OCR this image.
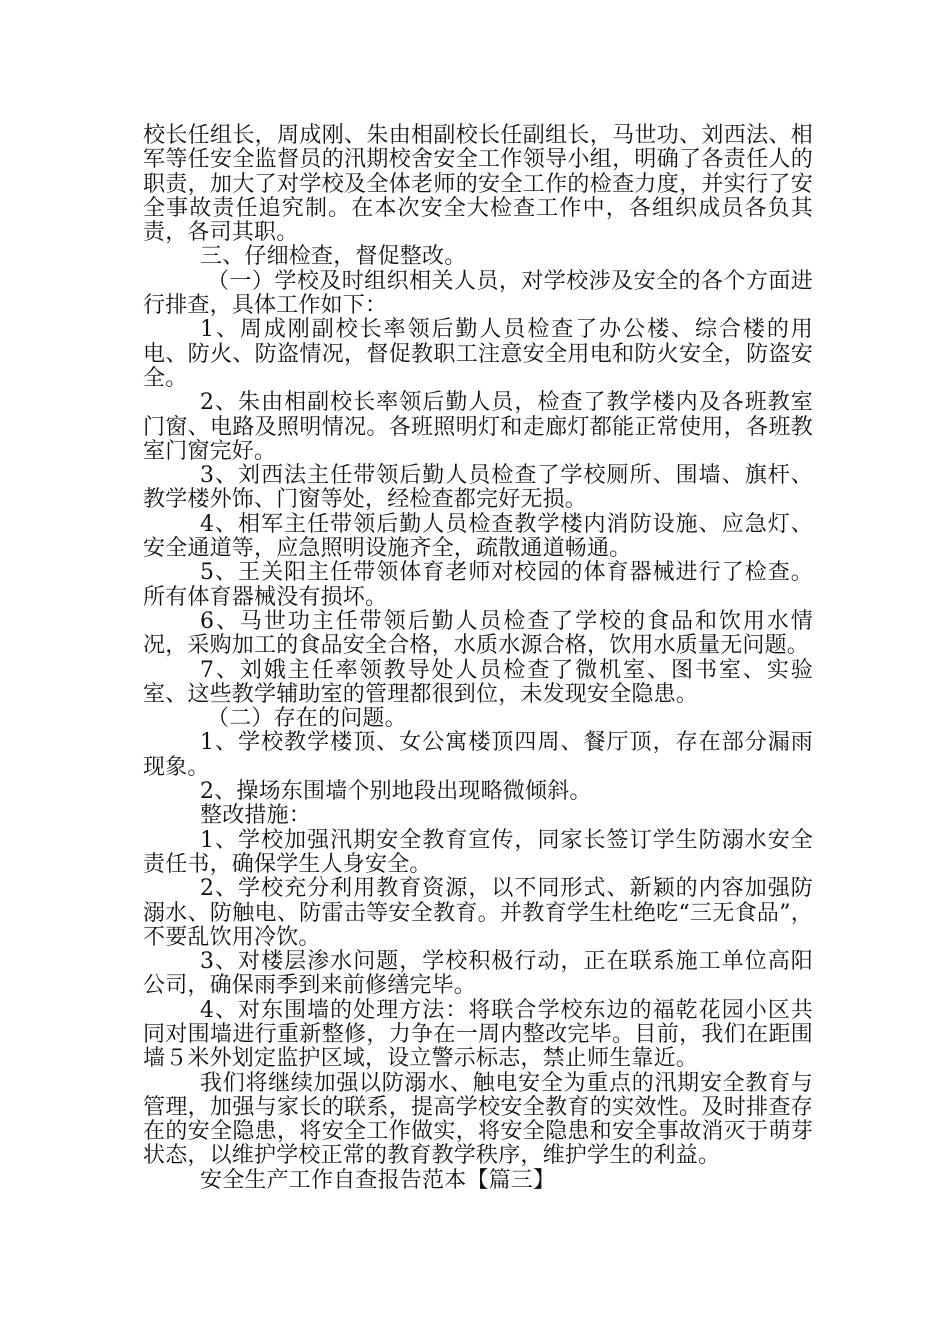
校长任组长，周成刚、朱由相副校长任副组长，马世功、刘西法、相军等任安全监督员的汛期校舍安全工作领导小组，明确了各责任人的职责，加大了对学校及全体老师的安全工作的检查力度，并实行了安全事故责任追究制。在本次安全大检查工作中，各组织成员各负其责，各司其职。

三、仔细检查，督促整改。

（一）学校及时组织相关人员，对学校涉及安全的各个方面进行排查，具体工作如下：

1、周成刚副校长率领后勤人员检查了办公楼、综合楼的用电、防火、防盗情况，督促教职工注意安全用电和防火安全，防盗安全。

2、朱由相副校长率领后勤人员，检查了教学楼内及各班教室门窗、电路及照明情况。各班照明灯和走廊灯都能正常使用，各班教室门窗完好。

3、刘西法主任带领后勤人员检查了学校厕所、围墙、旗杆、教学楼外饰、门窗等处，经检查都完好无损。

4、相军主任带领后勤人员检查教学楼内消防设施、应急灯、安全通道等，应急照明设施齐全，疏散通道畅通。

5、王关阳主任带领体育老师对校园的体育器械进行了检查。所有体育器械没有损坏。

6、马世功主任带领后勤人员检查了学校的食品和饮用水情况，采购加工的食品安全合格，水质水源合格，饮用水质量无问题。

7、刘娥主任率领教导处人员检查了微机室、图书室、实验室、这些教学辅助室的管理都很到位，未发现安全隐患。

（二）存在的问题。

1、学校教学楼顶、女公寓楼顶四周、餐厅顶，存在部分漏雨现象。

2、操场东围墙个别地段出现略微倾斜。

整改措施：

1、学校加强汛期安全教育宣传，同家长签订学生防溺水安全责任书，确保学生人身安全。

2、学校充分利用教育资源，以不同形式、新颖的内容加强防溺水、防触电、防雷击等安全教育。并教育学生杜绝吃“三无食品”，不要乱饮用冷饮。

3、对楼层渗水问题，学校积极行动，正在联系施工单位高阳公司，确保雨季到来前修缮完毕。

4、对东围墙的处理方法：将联合学校东边的福乾花园小区共同对围墙进行重新整修，力争在一周内整改完毕。目前，我们在距围墙５米外划定监护区域，设立警示标志，禁止师生靠近。

我们将继续加强以防溺水、触电安全为重点的汛期安全教育与管理，加强与家长的联系，提高学校安全教育的实效性。及时排查存在的安全隐患，将安全工作做实，将安全隐患和安全事故消灭于萌芽状态，以维护学校正常的教育教学秩序，维护学生的利益。

安全生产工作自查报告范本【篇三】
